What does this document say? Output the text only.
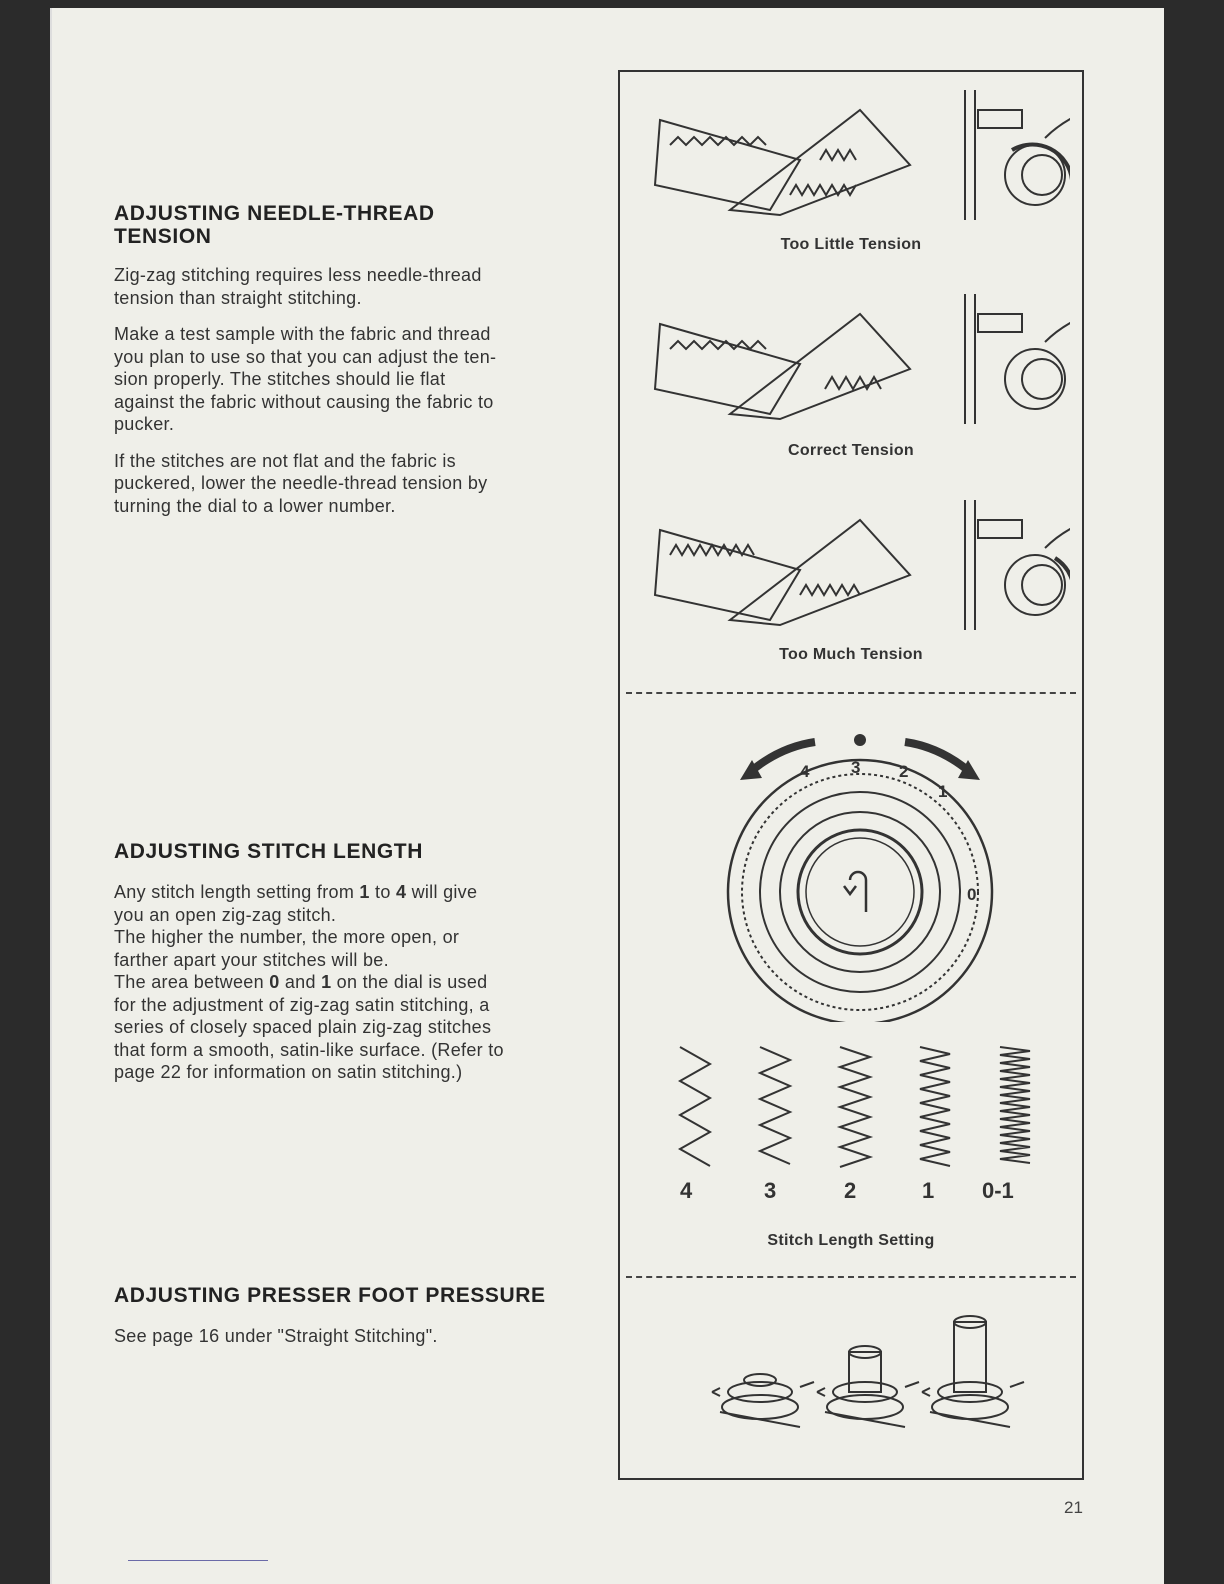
ADJUSTING NEEDLE-THREAD
TENSION

Zig-zag stitching requires less needle-thread
tension than straight stitching.

Make a test sample with the fabric and thread
you plan to use so that you can adjust the ten-
sion properly. The stitches should lie flat
against the fabric without causing the fabric to
pucker.

If the stitches are not flat and the fabric is
puckered, lower the needle-thread tension by
turning the dial to a lower number.

ADJUSTING STITCH LENGTH

Any stitch length setting from 1 to 4 will give
you an open zig-zag stitch.
The higher the number, the more open, or
farther apart your stitches will be.
The area between 0 and 1 on the dial is used
for the adjustment of zig-zag satin stitching, a
series of closely spaced plain zig-zag stitches
that form a smooth, satin-like surface. (Refer to
page 22 for information on satin stitching.)

ADJUSTING PRESSER FOOT PRESSURE

See page 16 under "Straight Stitching".

Too Little Tension
Correct Tension
Too Much Tension
4 3 2
1
0
4	3	2	1 0-1
Stitch Length Setting
21
